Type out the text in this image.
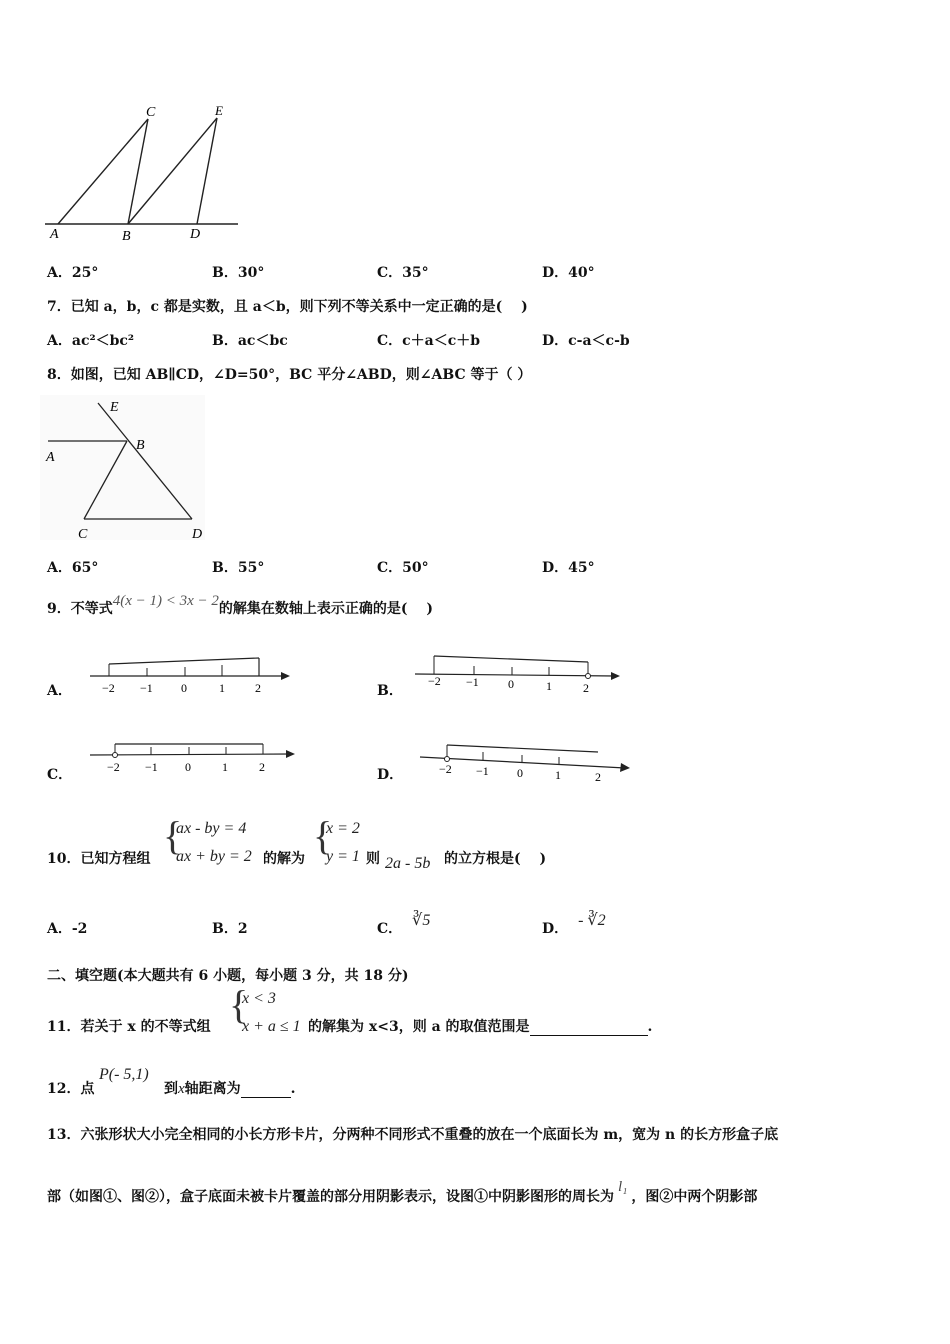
C	E
A	B	D
A．25°	B．30°	C．35°	D．40°
7．已知 a，b，c 都是实数，且 a＜b，则下列不等关系中一定正确的是(　 )
A．ac²＜bc²	B．ac＜bc	C．c＋a＜c＋b	D．c-a＜c-b
8．如图，已知 AB∥CD，∠D=50°，BC 平分∠ABD，则∠ABC 等于（ ）
E
B
A
C	D
A．65°	B．55°	C．50°	D．45°
9．不等式4(x − 1) < 3x − 2的解集在数轴上表示正确的是(　 )
A．	B．
C．	D．
−2 −1 0	1	2	−2 −1 0	1	2
−2 −1 0	1	2	−2 −1 0	1	2
10．已知方程组
{
ax - by = 4
ax + by = 2 的解为
{
x = 2
y = 1 则 2a - 5b 的立方根是(　 )
A．-2	B．2	C． ∛5	D． - ∛2
二、填空题(本大题共有 6 小题，每小题 3 分，共 18 分)
11．若关于 x 的不等式组 {
x < 3
x + a ≤ 1 的解集为 x<3，则 a 的取值范围是	.
12．点
P(- 5,1)
到x轴距离为	.
13．六张形状大小完全相同的小长方形卡片，分两种不同形式不重叠的放在一个底面长为 m，宽为 n 的长方形盒子底
部（如图①、图②），盒子底面未被卡片覆盖的部分用阴影表示，设图①中阴影图形的周长为l₁，图②中两个阴影部
